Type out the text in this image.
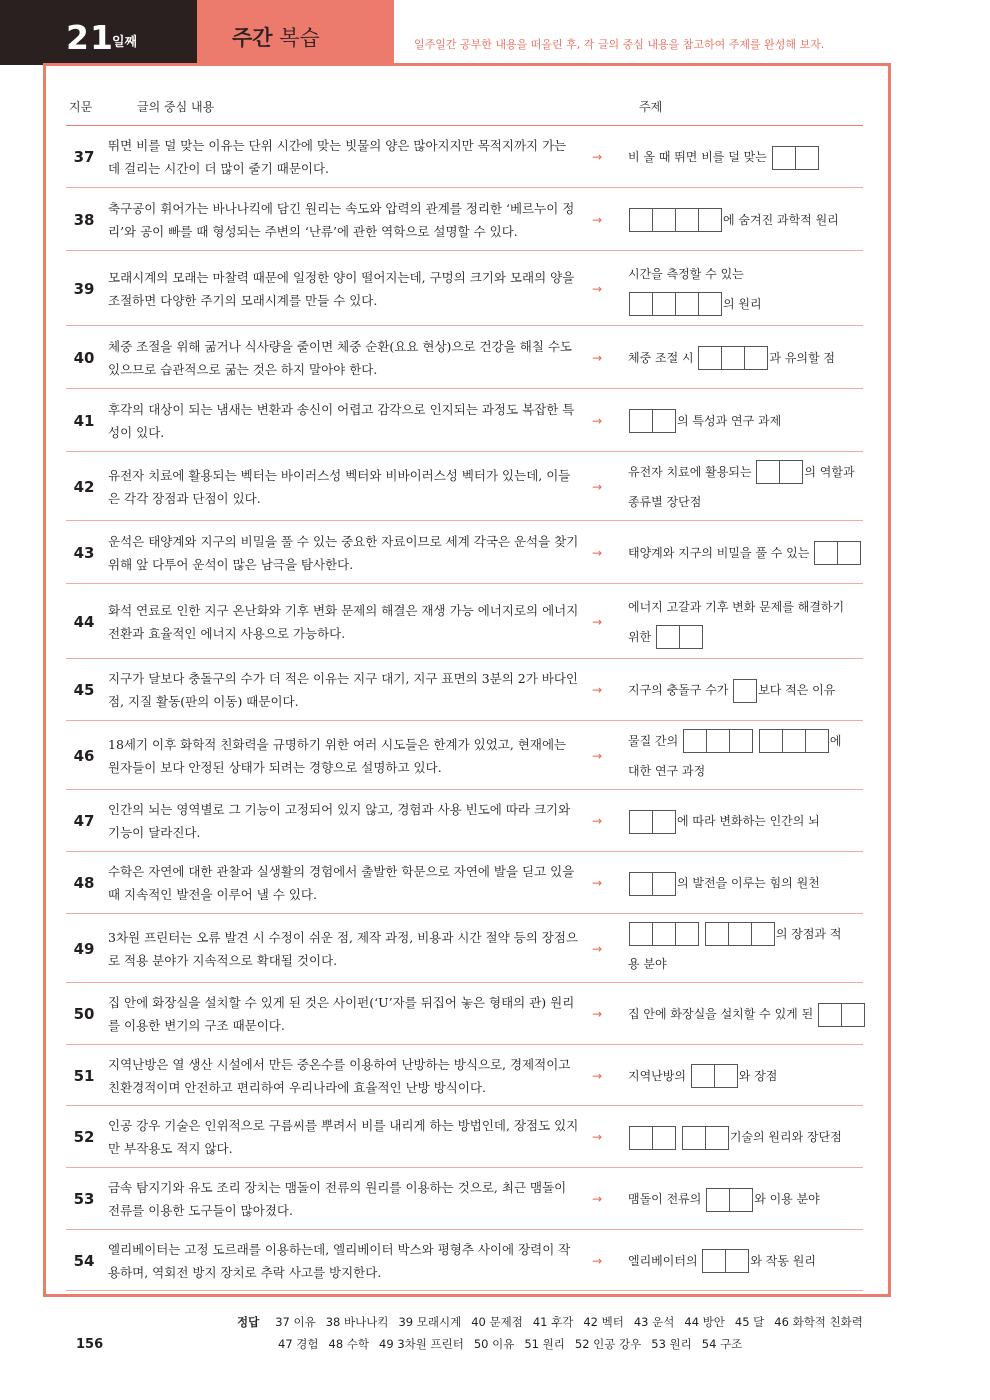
21
일째	주간 복습	일주일간 공부한 내용을 떠올린 후, 각 글의 중심 내용을 참고하여 주제를 완성해 보자.
지문	글의 중심 내용	주제
37
뛰면 비를 덜 맞는 이유는 단위 시간에 맞는 빗물의 양은 많아지지만 목적지까지 가는 데 걸리는 시간이 더 많이 줄기 때문이다.
→ 비 올 때 뛰면 비를 덜 맞는
38
축구공이 휘어가는 바나나킥에 담긴 원리는 속도와 압력의 관계를 정리한 ‘베르누이 정리’와 공이 빠를 때 형성되는 주변의 ‘난류’에 관한 역학으로 설명할 수 있다.
→	에 숨겨진 과학적 원리
39
모래시계의 모래는 마찰력 때문에 일정한 양이 떨어지는데, 구멍의 크기와 모래의 양을 조절하면 다양한 주기의 모래시계를 만들 수 있다.
→
시간을 측정할 수 있는
의 원리
40
체중 조절을 위해 굶거나 식사량을 줄이면 체중 순환(요요 현상)으로 건강을 해칠 수도 있으므로 습관적으로 굶는 것은 하지 말아야 한다.
→ 체중 조절 시	과 유의할 점
41
후각의 대상이 되는 냄새는 변환과 송신이 어렵고 감각으로 인지되는 과정도 복잡한 특성이 있다.
→	의 특성과 연구 과제
42
유전자 치료에 활용되는 벡터는 바이러스성 벡터와 비바이러스성 벡터가 있는데, 이들은 각각 장점과 단점이 있다.
→
유전자 치료에 활용되는	의 역할과
종류별 장단점
43
운석은 태양계와 지구의 비밀을 풀 수 있는 중요한 자료이므로 세계 각국은 운석을 찾기 위해 앞 다투어 운석이 많은 남극을 탐사한다.
→ 태양계와 지구의 비밀을 풀 수 있는
44
화석 연료로 인한 지구 온난화와 기후 변화 문제의 해결은 재생 가능 에너지로의 에너지 전환과 효율적인 에너지 사용으로 가능하다.
→
에너지 고갈과 기후 변화 문제를 해결하기
위한
45
지구가 달보다 충돌구의 수가 더 적은 이유는 지구 대기, 지구 표면의 3분의 2가 바다인 점, 지질 활동(판의 이동) 때문이다.
→ 지구의 충돌구 수가
보다 적은 이유
46
18세기 이후 화학적 친화력을 규명하기 위한 여러 시도들은 한계가 있었고, 현재에는 원자들이 보다 안정된 상태가 되려는 경향으로 설명하고 있다.
→
물질 간의
	에
대한 연구 과정
47
인간의 뇌는 영역별로 그 기능이 고정되어 있지 않고, 경험과 사용 빈도에 따라 크기와 기능이 달라진다.
→	에 따라 변화하는 인간의 뇌
48
수학은 자연에 대한 관찰과 실생활의 경험에서 출발한 학문으로 자연에 발을 딛고 있을 때 지속적인 발전을 이루어 낼 수 있다.
→	의 발전을 이루는 힘의 원천
49
3차원 프린터는 오류 발견 시 수정이 쉬운 점, 제작 과정, 비용과 시간 절약 등의 장점으로 적용 분야가 지속적으로 확대될 것이다.
→

의 장점과 적
용 분야
50
집 안에 화장실을 설치할 수 있게 된 것은 사이펀(‘U’자를 뒤집어 놓은 형태의 관) 원리를 이용한 변기의 구조 때문이다.
→ 집 안에 화장실을 설치할 수 있게 된
51
지역난방은 열 생산 시설에서 만든 중온수를 이용하여 난방하는 방식으로, 경제적이고 친환경적이며 안전하고 편리하여 우리나라에 효율적인 난방 방식이다.
→ 지역난방의	와 장점
52
인공 강우 기술은 인위적으로 구름씨를 뿌려서 비를 내리게 하는 방법인데, 장점도 있지만 부작용도 적지 않다.
→
	기술의 원리와 장단점
53
금속 탐지기와 유도 조리 장치는 맴돌이 전류의 원리를 이용하는 것으로, 최근 맴돌이 전류를 이용한 도구들이 많아졌다.
→ 맴돌이 전류의	와 이용 분야
54
엘리베이터는 고정 도르래를 이용하는데, 엘리베이터 박스와 평형추 사이에 장력이 작용하며, 역회전 방지 장치로 추락 사고를 방지한다.
→ 엘리베이터의	와 작동 원리
정답 37 이유 38 바나나킥 39 모래시계 40 문제점 41 후각 42 벡터 43 운석 44 방안 45 달 46 화학적 친화력
47 경험 48 수학 49 3차원 프린터 50 이유 51 원리 52 인공 강우 53 원리 54 구조
156
